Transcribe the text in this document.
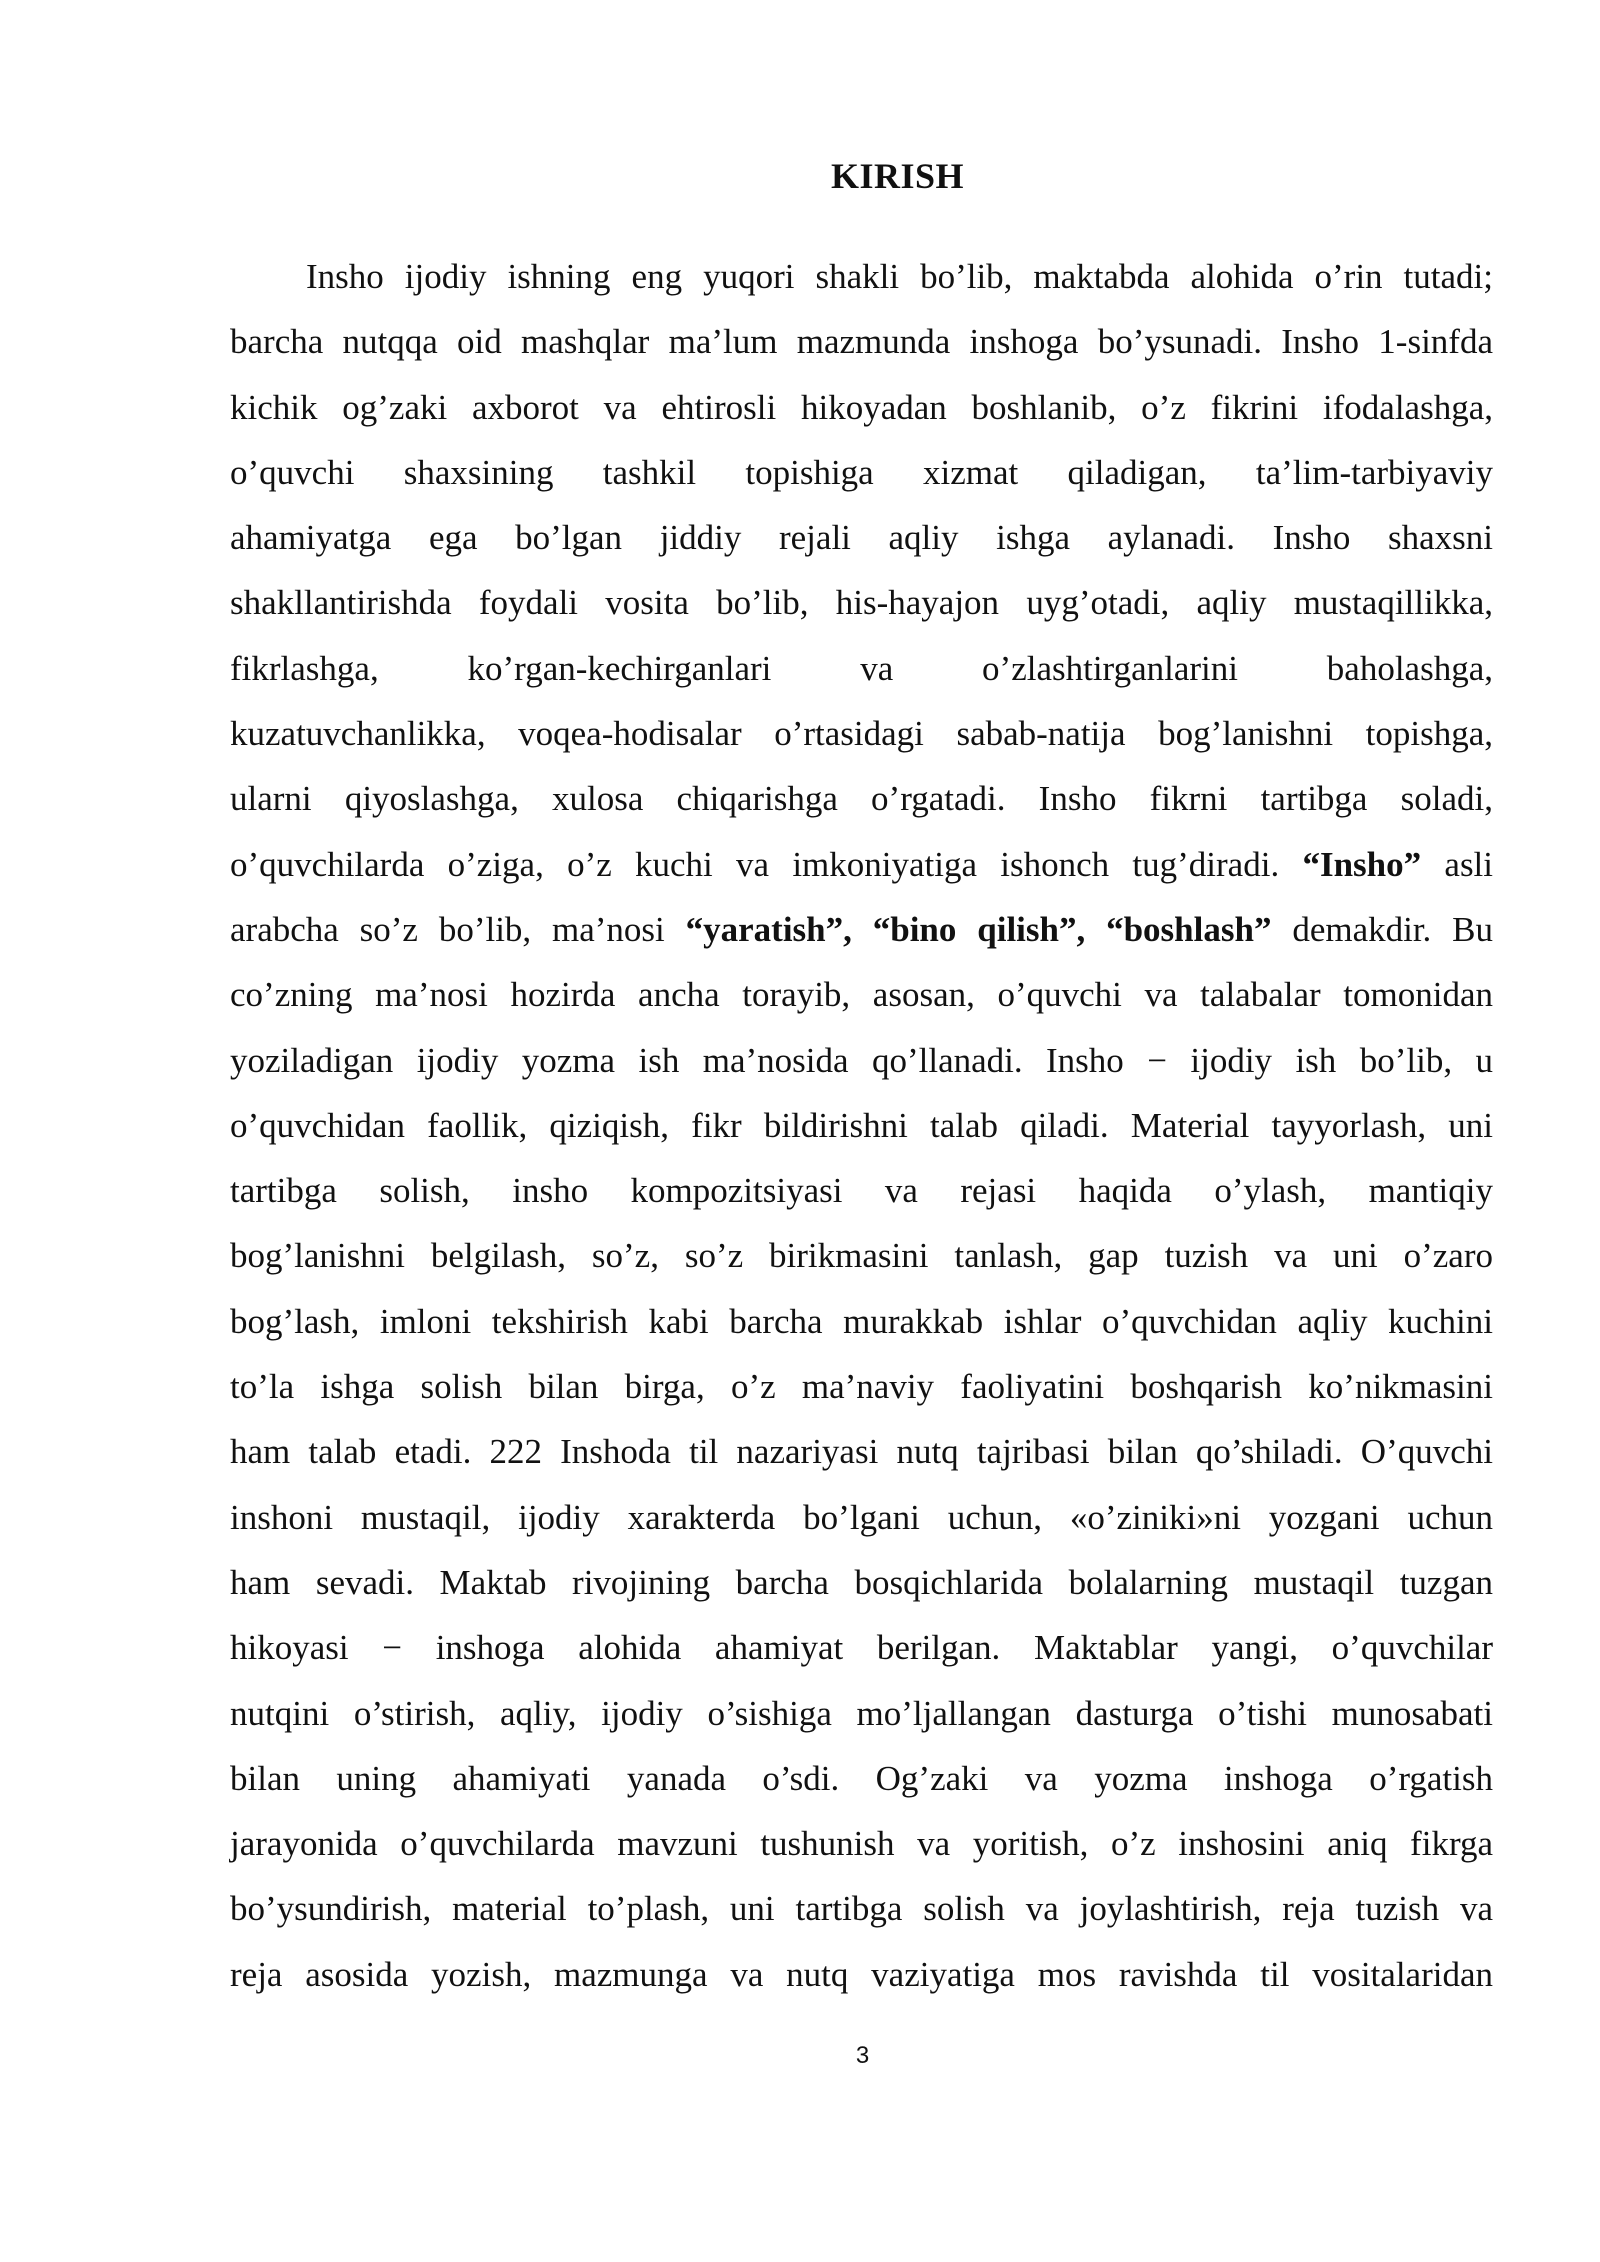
KIRISH
Insho ijodiy ishning eng yuqori shakli bo’lib, maktabda alohida o’rin tutadi;
barcha nutqqa oid mashqlar ma’lum mazmunda inshoga bo’ysunadi. Insho 1-sinfda
kichik og’zaki axborot va ehtirosli hikoyadan boshlanib, o’z fikrini ifodalashga,
o’quvchi shaxsining tashkil topishiga xizmat qiladigan, ta’lim-tarbiyaviy
ahamiyatga ega bo’lgan jiddiy rejali aqliy ishga aylanadi. Insho shaxsni
shakllantirishda foydali vosita bo’lib, his-hayajon uyg’otadi, aqliy mustaqillikka,
fikrlashga, ko’rgan-kechirganlari va o’zlashtirganlarini baholashga,
kuzatuvchanlikka, voqea-hodisalar o’rtasidagi sabab-natija bog’lanishni topishga,
ularni qiyoslashga, xulosa chiqarishga o’rgatadi. Insho fikrni tartibga soladi,
o’quvchilarda o’ziga, o’z kuchi va imkoniyatiga ishonch tug’diradi. “Insho” asli
arabcha so’z bo’lib, ma’nosi “yaratish”, “bino qilish”, “boshlash” demakdir. Bu
co’zning ma’nosi hozirda ancha torayib, asosan, o’quvchi va talabalar tomonidan
yoziladigan ijodiy yozma ish ma’nosida qo’llanadi. Insho − ijodiy ish bo’lib, u
o’quvchidan faollik, qiziqish, fikr bildirishni talab qiladi. Material tayyorlash, uni
tartibga solish, insho kompozitsiyasi va rejasi haqida o’ylash, mantiqiy
bog’lanishni belgilash, so’z, so’z birikmasini tanlash, gap tuzish va uni o’zaro
bog’lash, imloni tekshirish kabi barcha murakkab ishlar o’quvchidan aqliy kuchini
to’la ishga solish bilan birga, o’z ma’naviy faoliyatini boshqarish ko’nikmasini
ham talab etadi. 222 Inshoda til nazariyasi nutq tajribasi bilan qo’shiladi. O’quvchi
inshoni mustaqil, ijodiy xarakterda bo’lgani uchun, «o’ziniki»ni yozgani uchun
ham sevadi. Maktab rivojining barcha bosqichlarida bolalarning mustaqil tuzgan
hikoyasi − inshoga alohida ahamiyat berilgan. Maktablar yangi, o’quvchilar
nutqini o’stirish, aqliy, ijodiy o’sishiga mo’ljallangan dasturga o’tishi munosabati
bilan uning ahamiyati yanada o’sdi. Og’zaki va yozma inshoga o’rgatish
jarayonida o’quvchilarda mavzuni tushunish va yoritish, o’z inshosini aniq fikrga
bo’ysundirish, material to’plash, uni tartibga solish va joylashtirish, reja tuzish va
reja asosida yozish, mazmunga va nutq vaziyatiga mos ravishda til vositalaridan
3
